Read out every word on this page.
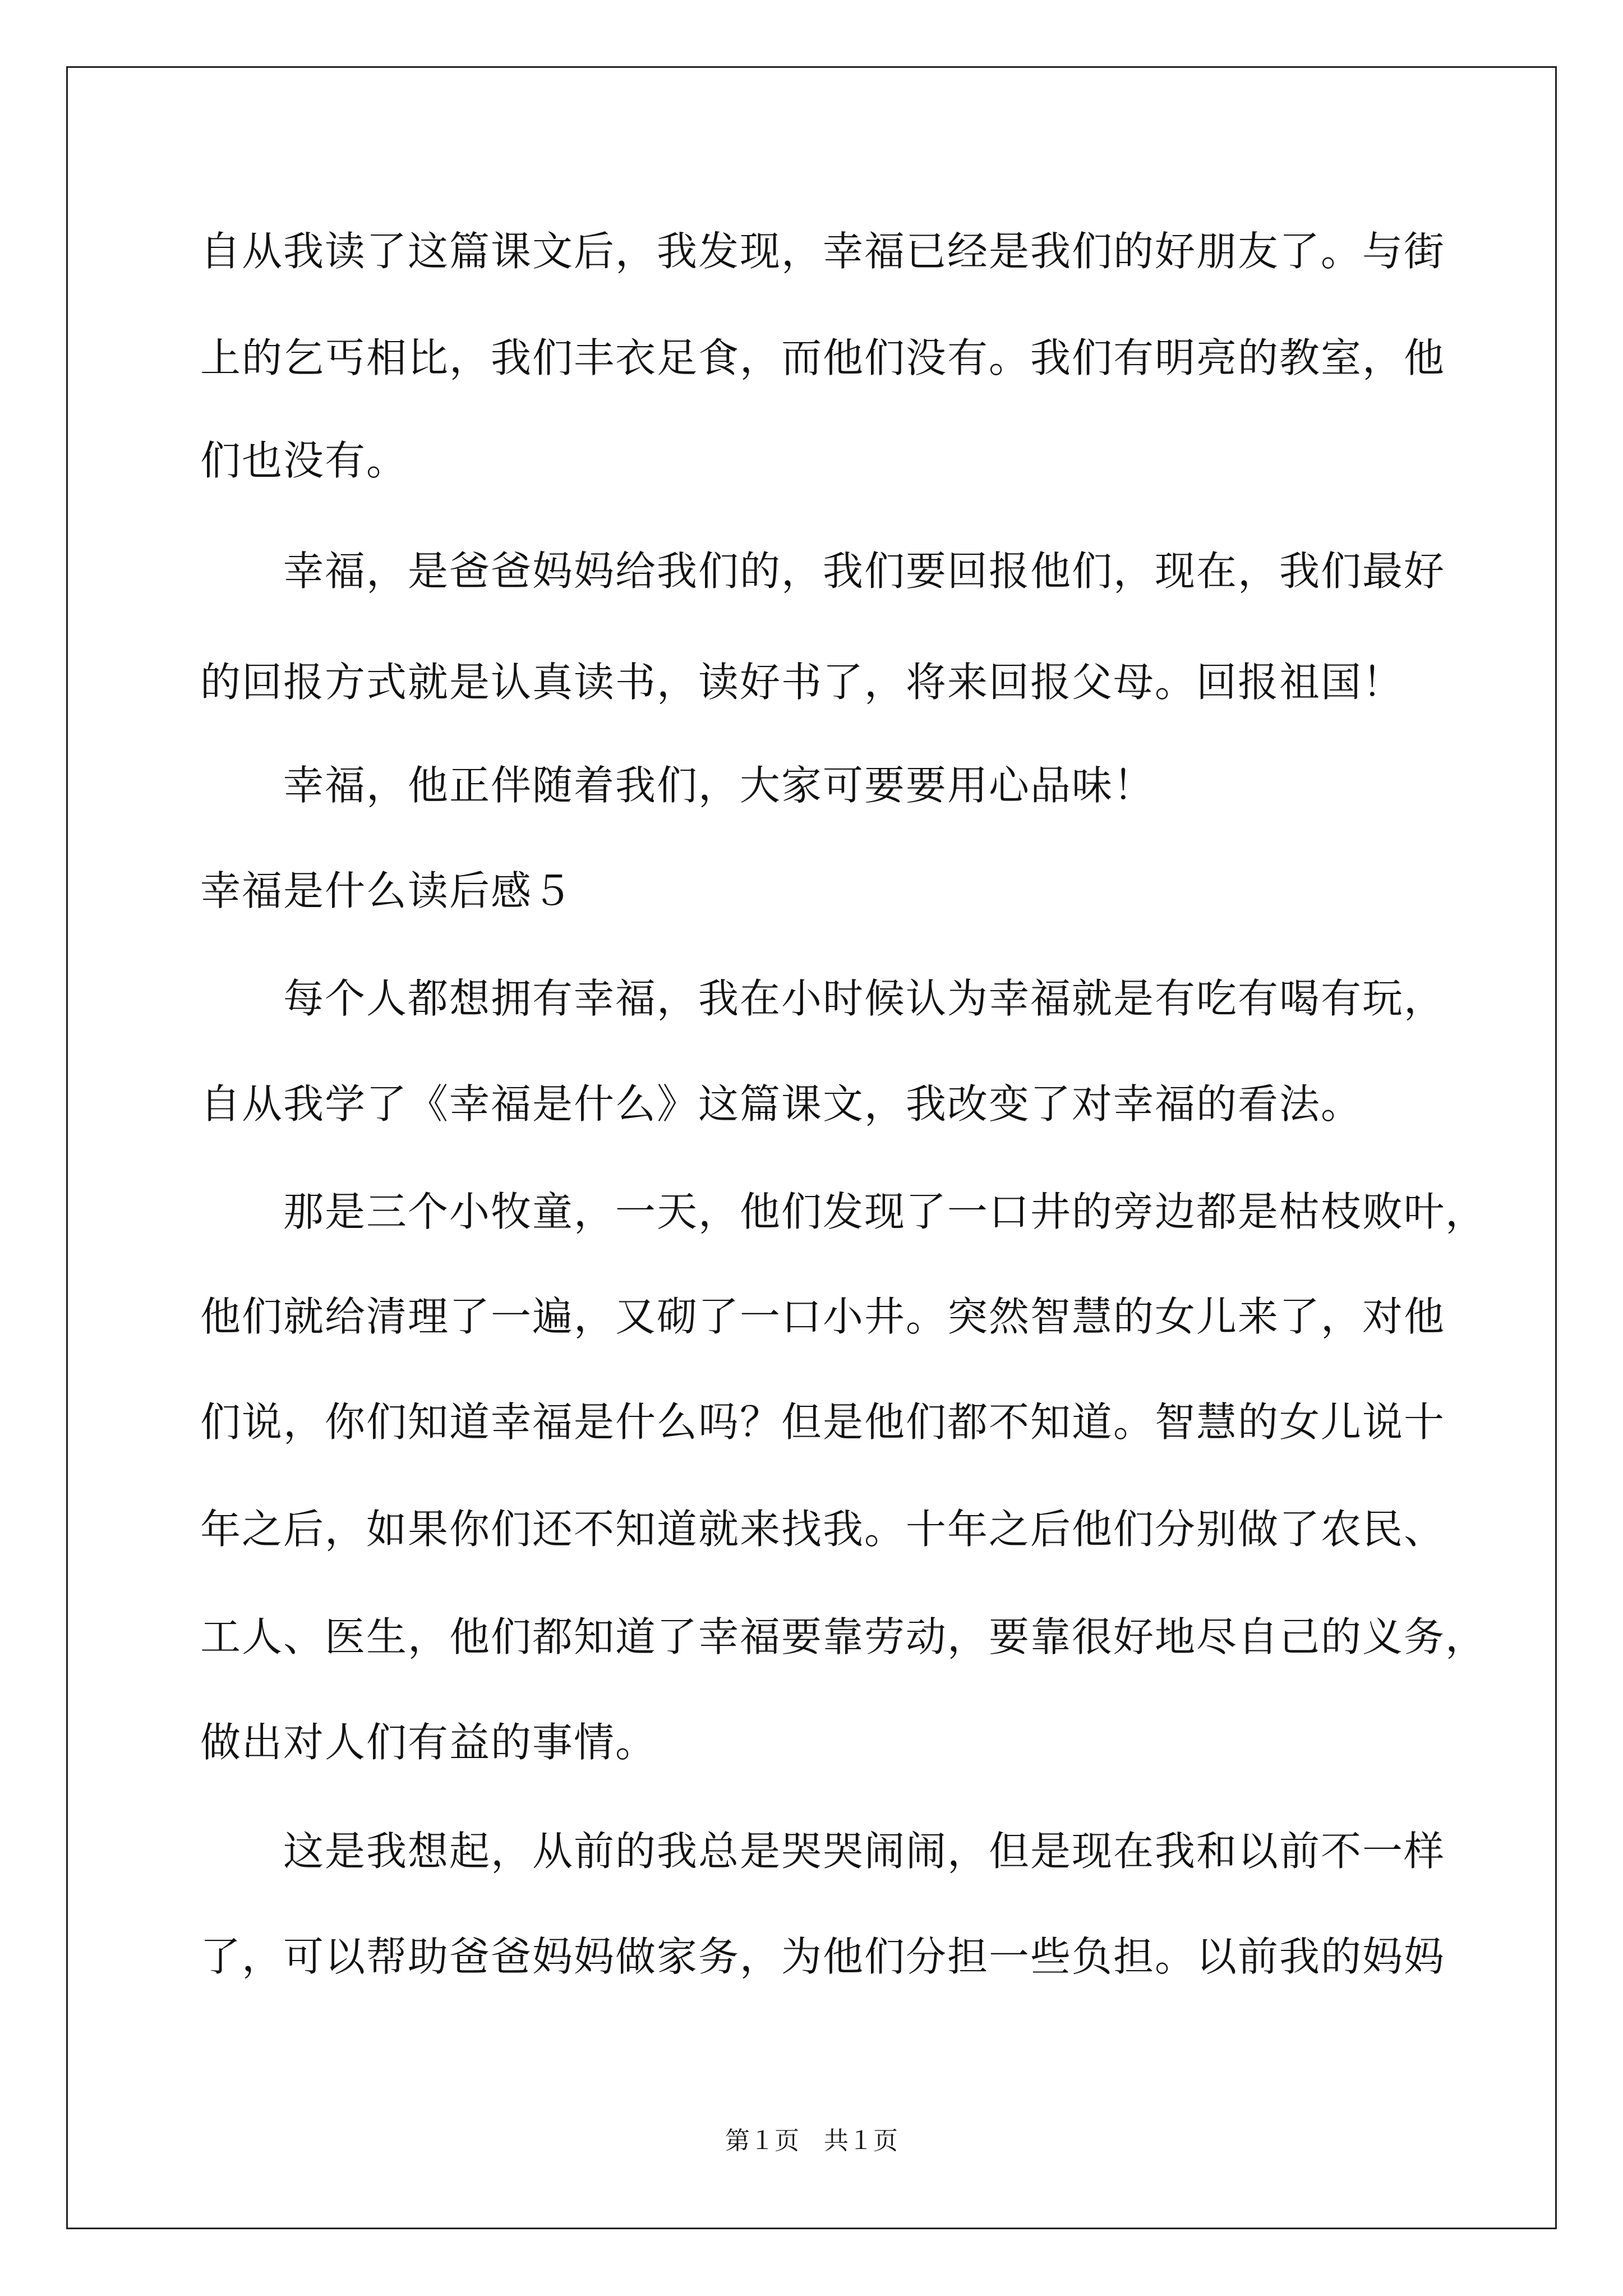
自从我读了这篇课文后，我发现，幸福已经是我们的好朋友了。与街
上的乞丐相比，我们丰衣足食，而他们没有。我们有明亮的教室，他
们也没有。
幸福，是爸爸妈妈给我们的，我们要回报他们，现在，我们最好
的回报方式就是认真读书，读好书了，将来回报父母。回报祖国！
幸福，他正伴随着我们，大家可要要用心品味！
幸福是什么读后感５
每个人都想拥有幸福，我在小时候认为幸福就是有吃有喝有玩，
自从我学了《幸福是什么》这篇课文，我改变了对幸福的看法。
那是三个小牧童，一天，他们发现了一口井的旁边都是枯枝败叶，
他们就给清理了一遍，又砌了一口小井。突然智慧的女儿来了，对他
们说，你们知道幸福是什么吗？但是他们都不知道。智慧的女儿说十
年之后，如果你们还不知道就来找我。十年之后他们分别做了农民、
工人、医生，他们都知道了幸福要靠劳动，要靠很好地尽自己的义务，
做出对人们有益的事情。
这是我想起，从前的我总是哭哭闹闹，但是现在我和以前不一样
了，可以帮助爸爸妈妈做家务，为他们分担一些负担。以前我的妈妈
第１页　共１页
